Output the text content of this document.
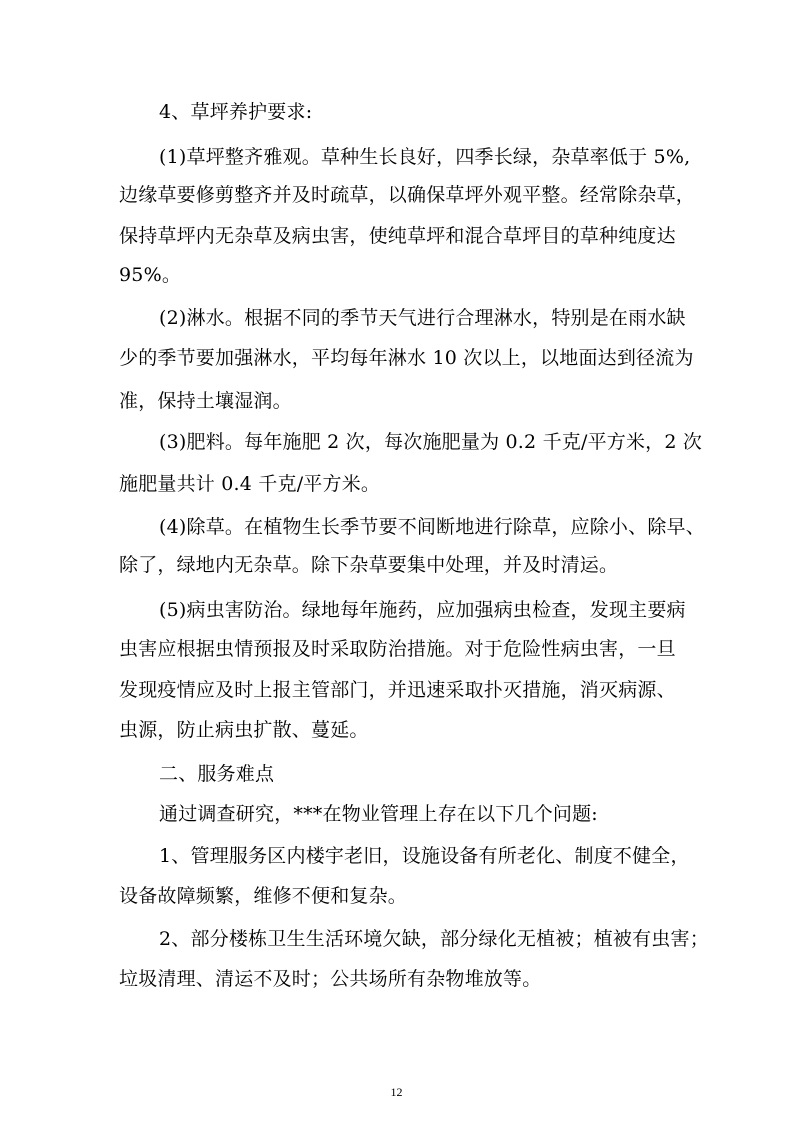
4、草坪养护要求:
(1)草坪整齐雅观。草种生长良好，四季长绿，杂草率低于 5%,
边缘草要修剪整齐并及时疏草，以确保草坪外观平整。经常除杂草，
保持草坪内无杂草及病虫害，使纯草坪和混合草坪目的草种纯度达
95%。
(2)淋水。根据不同的季节天气进行合理淋水，特别是在雨水缺
少的季节要加强淋水，平均每年淋水 10 次以上，以地面达到径流为
准，保持土壤湿润。
(3)肥料。每年施肥 2 次，每次施肥量为 0.2 千克/平方米，2 次
施肥量共计 0.4 千克/平方米。
(4)除草。在植物生长季节要不间断地进行除草，应除小、除早、
除了，绿地内无杂草。除下杂草要集中处理，并及时清运。
(5)病虫害防治。绿地每年施药，应加强病虫检查，发现主要病
虫害应根据虫情预报及时采取防治措施。对于危险性病虫害，一旦
发现疫情应及时上报主管部门，并迅速采取扑灭措施，消灭病源、
虫源，防止病虫扩散、蔓延。
二、服务难点
通过调查研究，***在物业管理上存在以下几个问题:
1、管理服务区内楼宇老旧，设施设备有所老化、制度不健全，
设备故障频繁，维修不便和复杂。
2、部分楼栋卫生生活环境欠缺，部分绿化无植被；植被有虫害；
垃圾清理、清运不及时；公共场所有杂物堆放等。
12
